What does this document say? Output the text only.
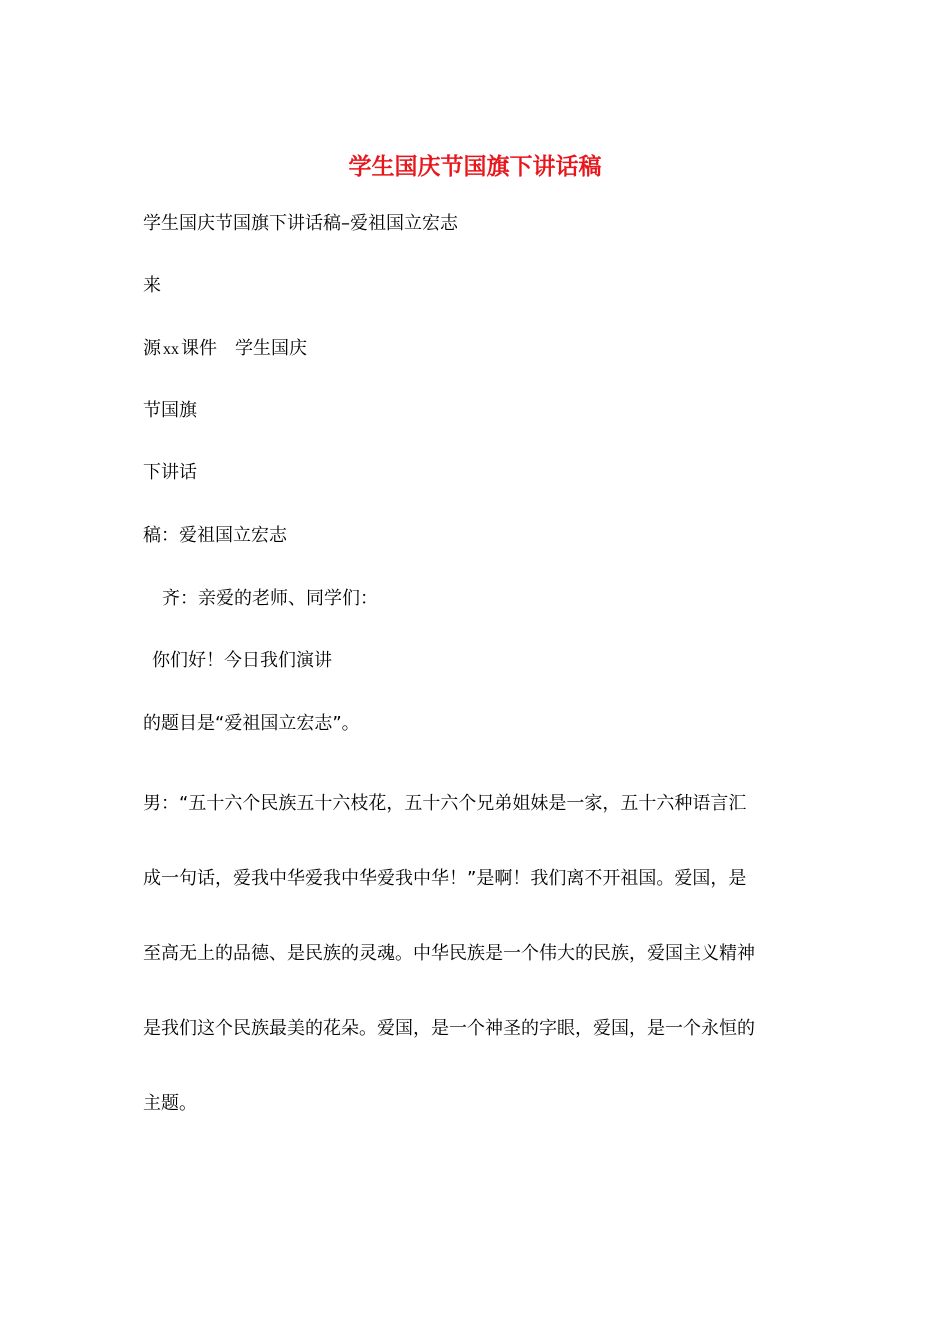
学生国庆节国旗下讲话稿
学生国庆节国旗下讲话稿–爱祖国立宏志
来
源 xx 课件 学生国庆
节国旗
下讲话
稿：爱祖国立宏志
齐：亲爱的老师、同学们：
你们好！今日我们演讲
的题目是“爱祖国立宏志”。
男：“五十六个民族五十六枝花，五十六个兄弟姐妹是一家，五十六种语言汇
成一句话，爱我中华爱我中华爱我中华！”是啊！我们离不开祖国。爱国，是
至高无上的品德、是民族的灵魂。中华民族是一个伟大的民族，爱国主义精神
是我们这个民族最美的花朵。爱国，是一个神圣的字眼，爱国，是一个永恒的
主题。
